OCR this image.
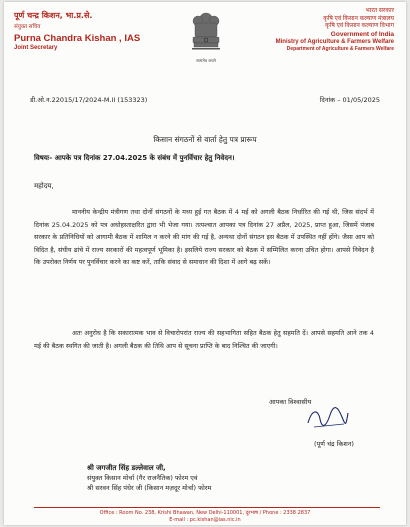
पूर्ण चन्द्र किशन, भा.प्र.से.
संयुक्त सचिव
Purna Chandra Kishan , IAS
Joint Secretary
सत्यमेव जयते
भारत सरकार
कृषि एवं किसान कल्याण मंत्रालय
कृषि एवं किसान कल्याण विभाग
Government of India
Ministry of Agriculture & Farmers Welfare
Department of Agriculture & Farmers Welfare
डी.ओ.न.22015/17/2024-M.II (153323)	दिनांक – 01/05/2025
किसान संगठनों से वार्ता हेतु पत्र प्रारूप
विषयः- आपके पत्र दिनांक 27.04.2025 के संबंध में पुनर्विचार हेतु निवेदन।
महोदय,
माननीय केन्द्रीय मंत्रीगण तथा दोनों संगठनों के मध्य हुई गत बैठक में 4 मई को अगली बैठक निर्धारित की गई थी, जिस संदर्भ में दिनांक 25.04.2025 को पत्र अधोहस्ताक्षरित द्वारा भी भेजा गया। तत्पश्चात आपका पत्र दिनांक 27 अप्रैल, 2025, प्राप्त हुआ, जिसमें पंजाब सरकार के प्रतिनिधियों को आगामी बैठक में शामिल न करने की मांग की गई है, अन्यथा दोनों संगठन इस बैठक में उपस्थित नहीं होंगे। जैसा आप को विदित है, संघीय ढांचे में राज्य सरकारों की महत्वपूर्ण भूमिका है। इसलिये राज्य सरकार को बैठक में सम्मिलित करना उचित होगा। आपसे निवेदन है कि उपरोक्त निर्णय पर पुनर्विचार करने का कष्ट करें, ताकि संवाद से समाधान की दिशा में आगे बढ़ सकें।
अतः अनुरोध है कि सकारात्मक भाव से विचारोपरांत राज्य की सहभागिता सहित बैठक हेतु सहमति दें। आपसे सहमति आने तक 4 मई की बैठक स्थगित की जाती है। अगली बैठक की तिथि आप से सूचना प्राप्ति के बाद निश्चित की जाएगी।
आपका विश्वासीय
(पूर्ण चंद्र किशन)
श्री जगजीत सिंह डल्लेवाल जी,
संयुक्त किसान मोर्चा (गैर राजनैतिक) फोरम एवं
श्री सरवन सिंह पंधेर जी (किसान मज़दूर मोर्चा) फोरम
Office : Room No. 238, Krishi Bhawan, New Delhi-110001, दूरभाष / Phone : 2338 2837
E-mail : pc.kishan@ias.nic.in
